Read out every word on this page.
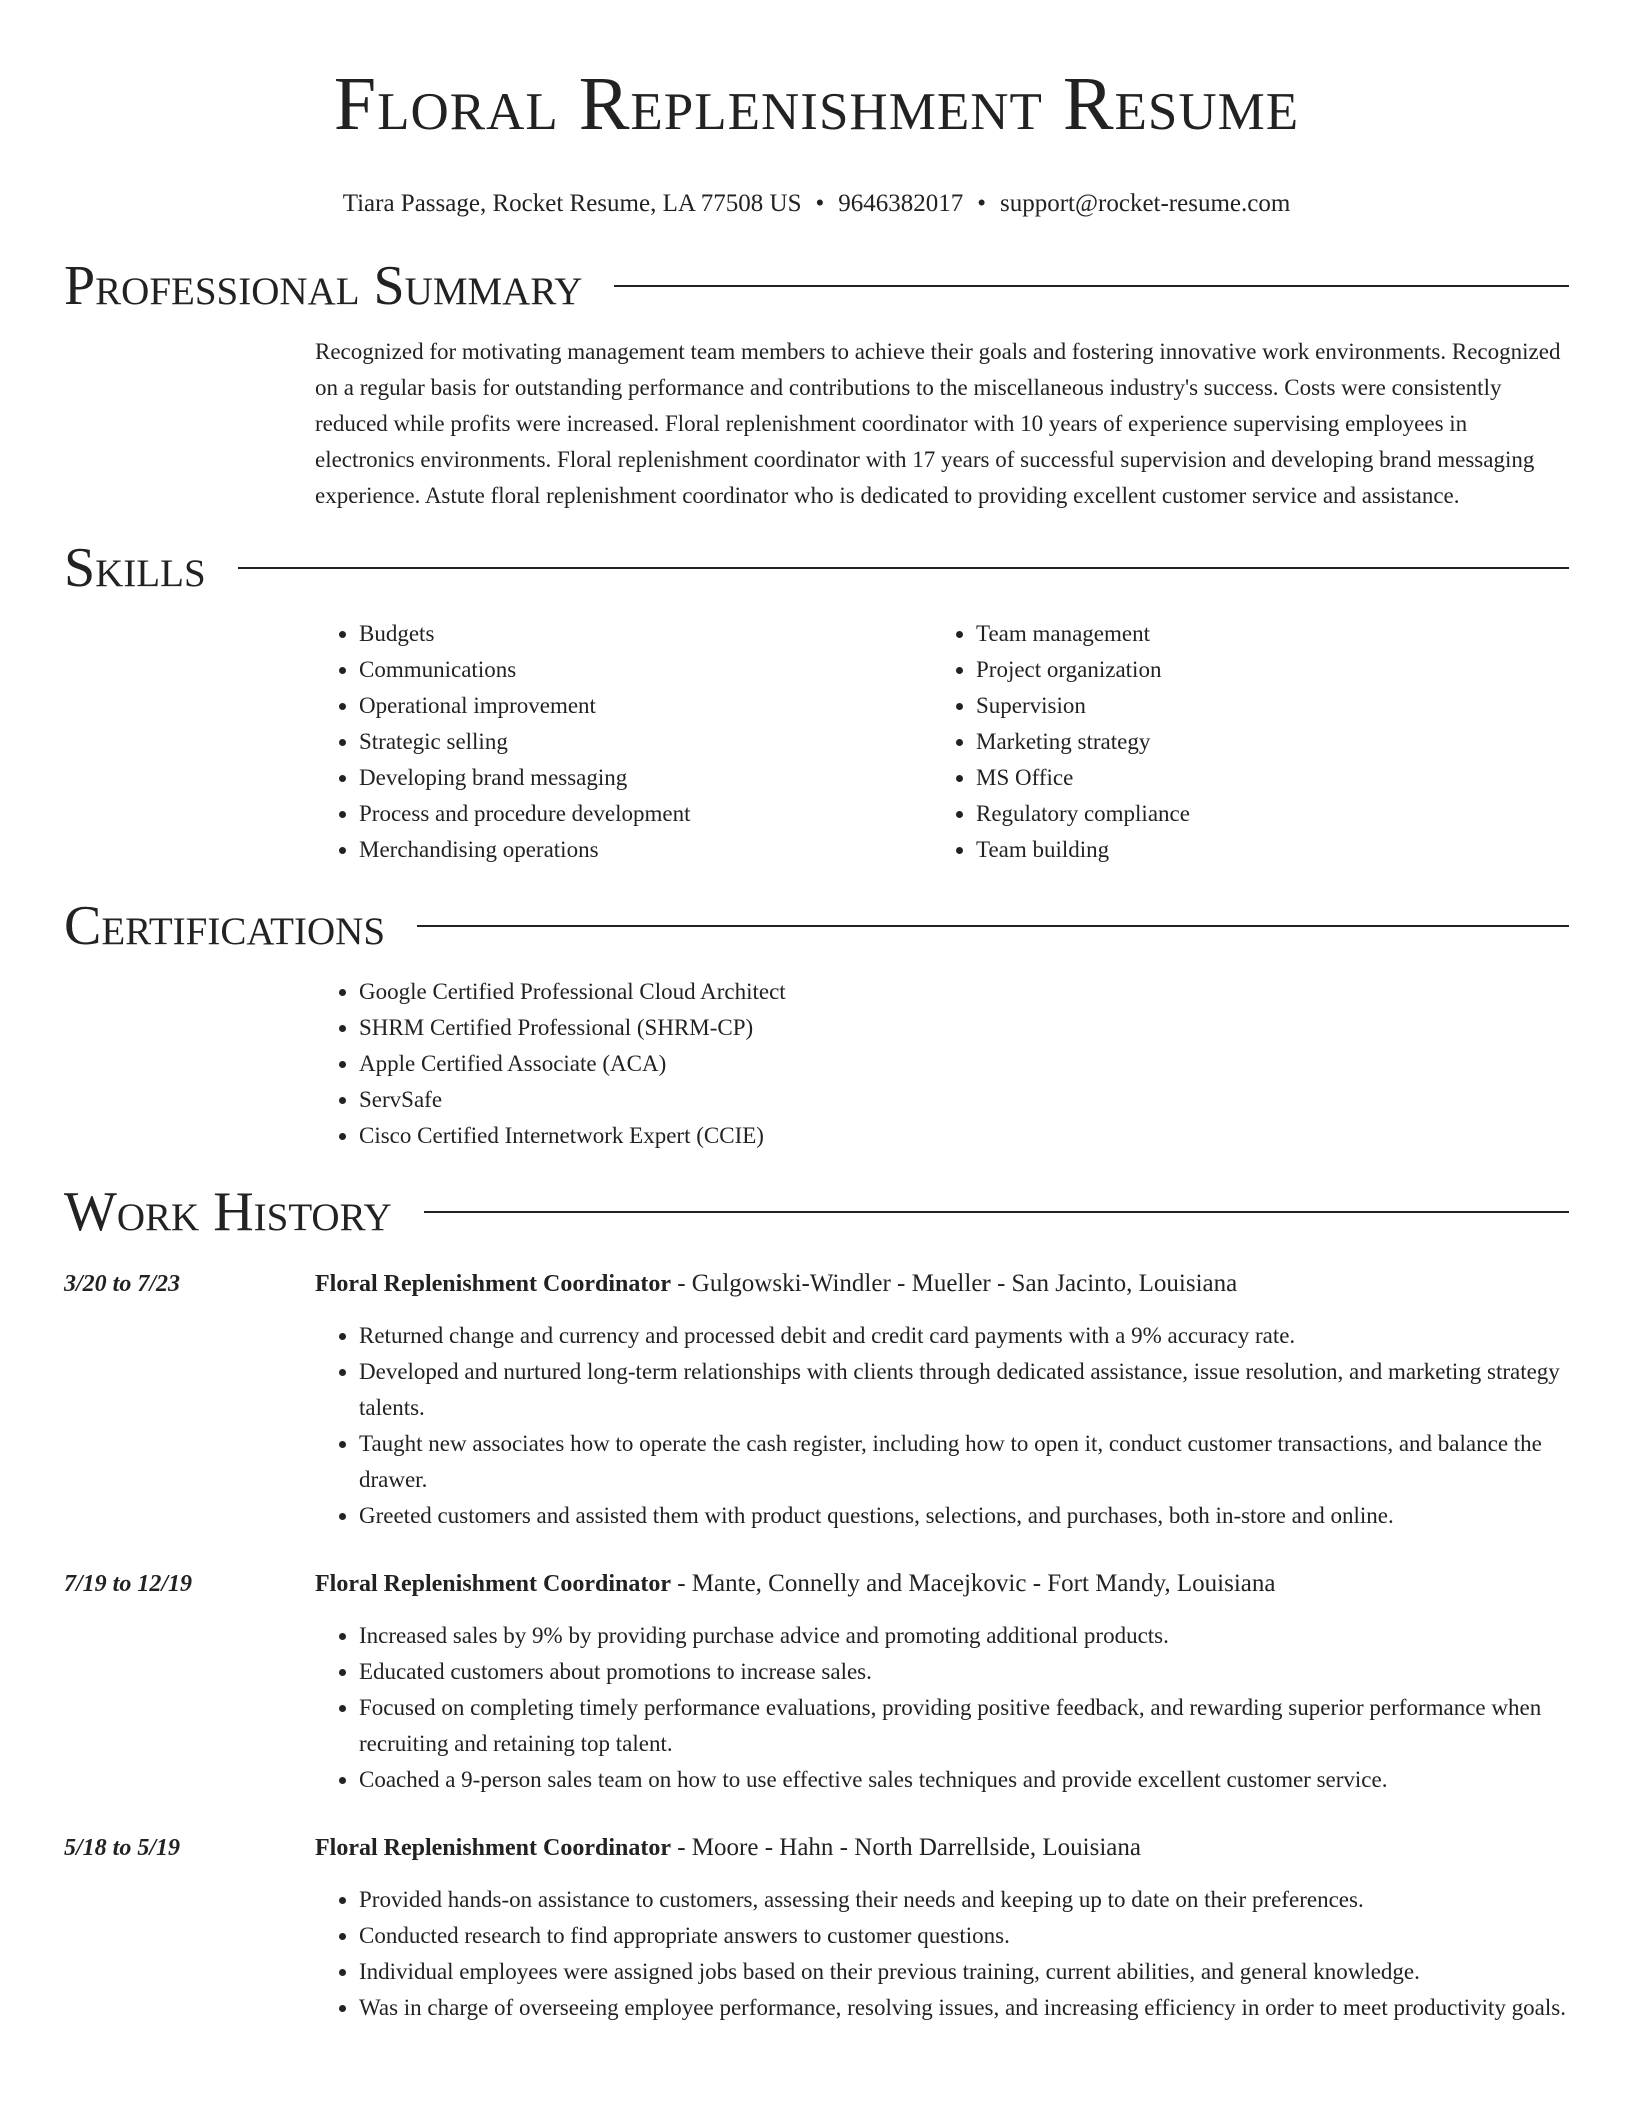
Floral Replenishment Resume
Tiara Passage, Rocket Resume, LA 77508 US • 9646382017 • support@rocket-resume.com
Professional Summary
Recognized for motivating management team members to achieve their goals and fostering innovative work environments. Recognized on a regular basis for outstanding performance and contributions to the miscellaneous industry's success. Costs were consistently reduced while profits were increased. Floral replenishment coordinator with 10 years of experience supervising employees in electronics environments. Floral replenishment coordinator with 17 years of successful supervision and developing brand messaging experience. Astute floral replenishment coordinator who is dedicated to providing excellent customer service and assistance.
Skills
• Budgets
• Communications
• Operational improvement
• Strategic selling
• Developing brand messaging
• Process and procedure development
• Merchandising operations
• Team management
• Project organization
• Supervision
• Marketing strategy
• MS Office
• Regulatory compliance
• Team building
Certifications
• Google Certified Professional Cloud Architect
• SHRM Certified Professional (SHRM-CP)
• Apple Certified Associate (ACA)
• ServSafe
• Cisco Certified Internetwork Expert (CCIE)
Work History
3/20 to 7/23	Floral Replenishment Coordinator - Gulgowski-Windler - Mueller - San Jacinto, Louisiana
• Returned change and currency and processed debit and credit card payments with a 9% accuracy rate.
• Developed and nurtured long-term relationships with clients through dedicated assistance, issue resolution, and marketing strategy talents.
• Taught new associates how to operate the cash register, including how to open it, conduct customer transactions, and balance the drawer.
• Greeted customers and assisted them with product questions, selections, and purchases, both in-store and online.
7/19 to 12/19	Floral Replenishment Coordinator - Mante, Connelly and Macejkovic - Fort Mandy, Louisiana
• Increased sales by 9% by providing purchase advice and promoting additional products.
• Educated customers about promotions to increase sales.
• Focused on completing timely performance evaluations, providing positive feedback, and rewarding superior performance when recruiting and retaining top talent.
• Coached a 9-person sales team on how to use effective sales techniques and provide excellent customer service.
5/18 to 5/19	Floral Replenishment Coordinator - Moore - Hahn - North Darrellside, Louisiana
• Provided hands-on assistance to customers, assessing their needs and keeping up to date on their preferences.
• Conducted research to find appropriate answers to customer questions.
• Individual employees were assigned jobs based on their previous training, current abilities, and general knowledge.
• Was in charge of overseeing employee performance, resolving issues, and increasing efficiency in order to meet productivity goals.
